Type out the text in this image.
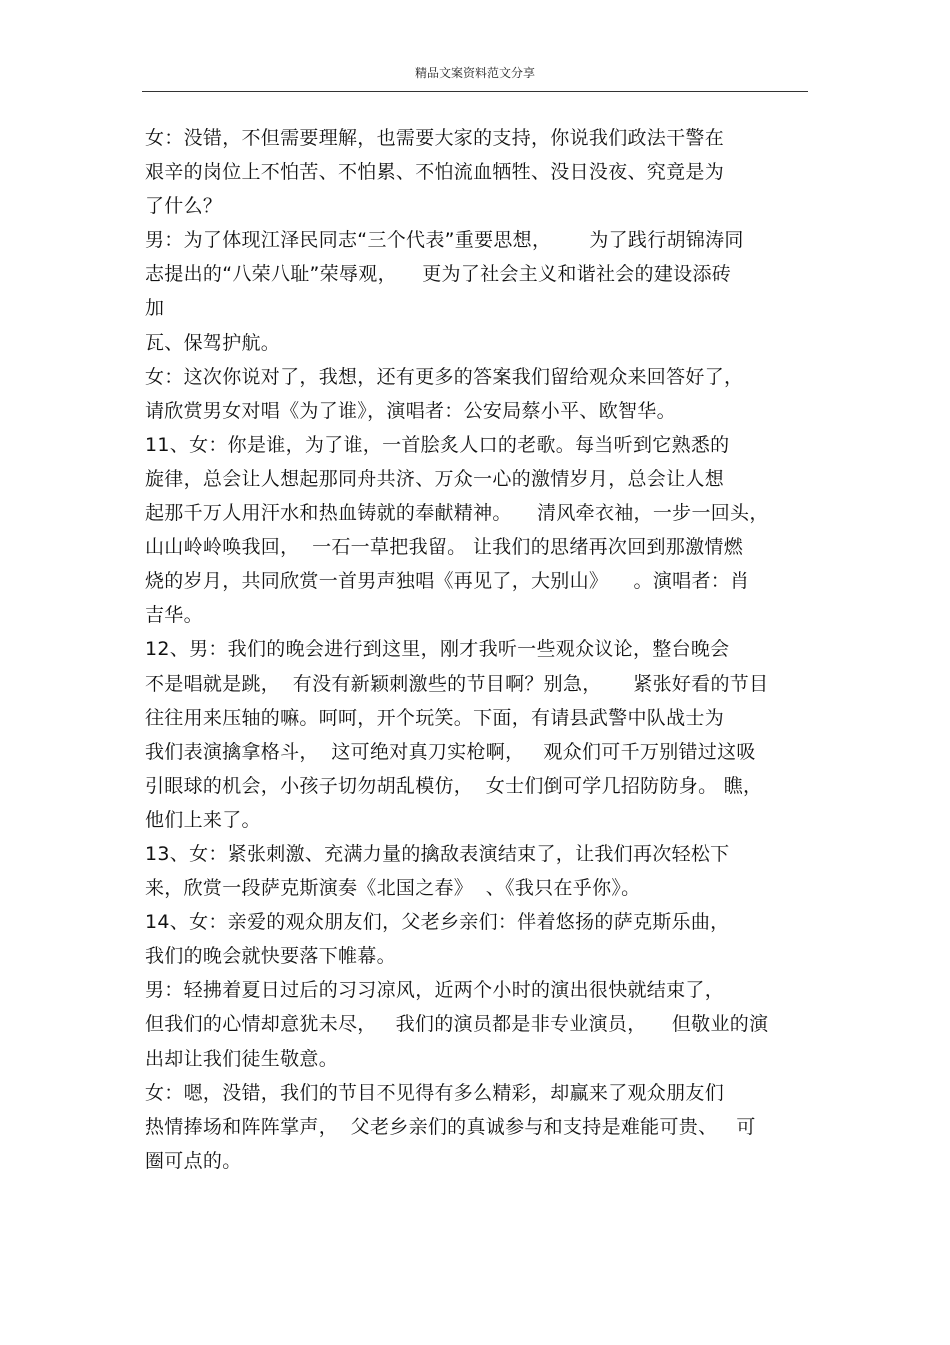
精品文案资料范文分享
女：没错，不但需要理解，也需要大家的支持，你说我们政法干警在
艰辛的岗位上不怕苦、不怕累、不怕流血牺牲、没日没夜、究竟是为
了什么？
男：为了体现江泽民同志“三个代表”重要思想，      为了践行胡锦涛同
志提出的“八荣八耻”荣辱观，    更为了社会主义和谐社会的建设添砖
加
瓦、保驾护航。
女：这次你说对了，我想，还有更多的答案我们留给观众来回答好了，
请欣赏男女对唱《为了谁》，演唱者：公安局蔡小平、欧智华。
11、女：你是谁，为了谁，一首脍炙人口的老歌。每当听到它熟悉的
旋律，总会让人想起那同舟共济、万众一心的激情岁月，总会让人想
起那千万人用汗水和热血铸就的奉献精神。    清风牵衣袖，一步一回头，
山山岭岭唤我回，  一石一草把我留。 让我们的思绪再次回到那激情燃
烧的岁月，共同欣赏一首男声独唱《再见了，大别山》    。演唱者：肖
吉华。
12、男：我们的晚会进行到这里，刚才我听一些观众议论，整台晚会
不是唱就是跳，  有没有新颖刺激些的节目啊？别急，     紧张好看的节目
往往用来压轴的嘛。呵呵，开个玩笑。下面，有请县武警中队战士为
我们表演擒拿格斗，  这可绝对真刀实枪啊，   观众们可千万别错过这吸
引眼球的机会，小孩子切勿胡乱模仿，  女士们倒可学几招防防身。 瞧，
他们上来了。
13、女：紧张刺激、充满力量的擒敌表演结束了，让我们再次轻松下
来，欣赏一段萨克斯演奏《北国之春》  、《我只在乎你》。
14、女：亲爱的观众朋友们，父老乡亲们：伴着悠扬的萨克斯乐曲，
我们的晚会就快要落下帷幕。
男：轻拂着夏日过后的习习凉风，近两个小时的演出很快就结束了，
但我们的心情却意犹未尽，   我们的演员都是非专业演员，    但敬业的演
出却让我们徒生敬意。
女：嗯，没错，我们的节目不见得有多么精彩，却赢来了观众朋友们
热情捧场和阵阵掌声，  父老乡亲们的真诚参与和支持是难能可贵、   可
圈可点的。
